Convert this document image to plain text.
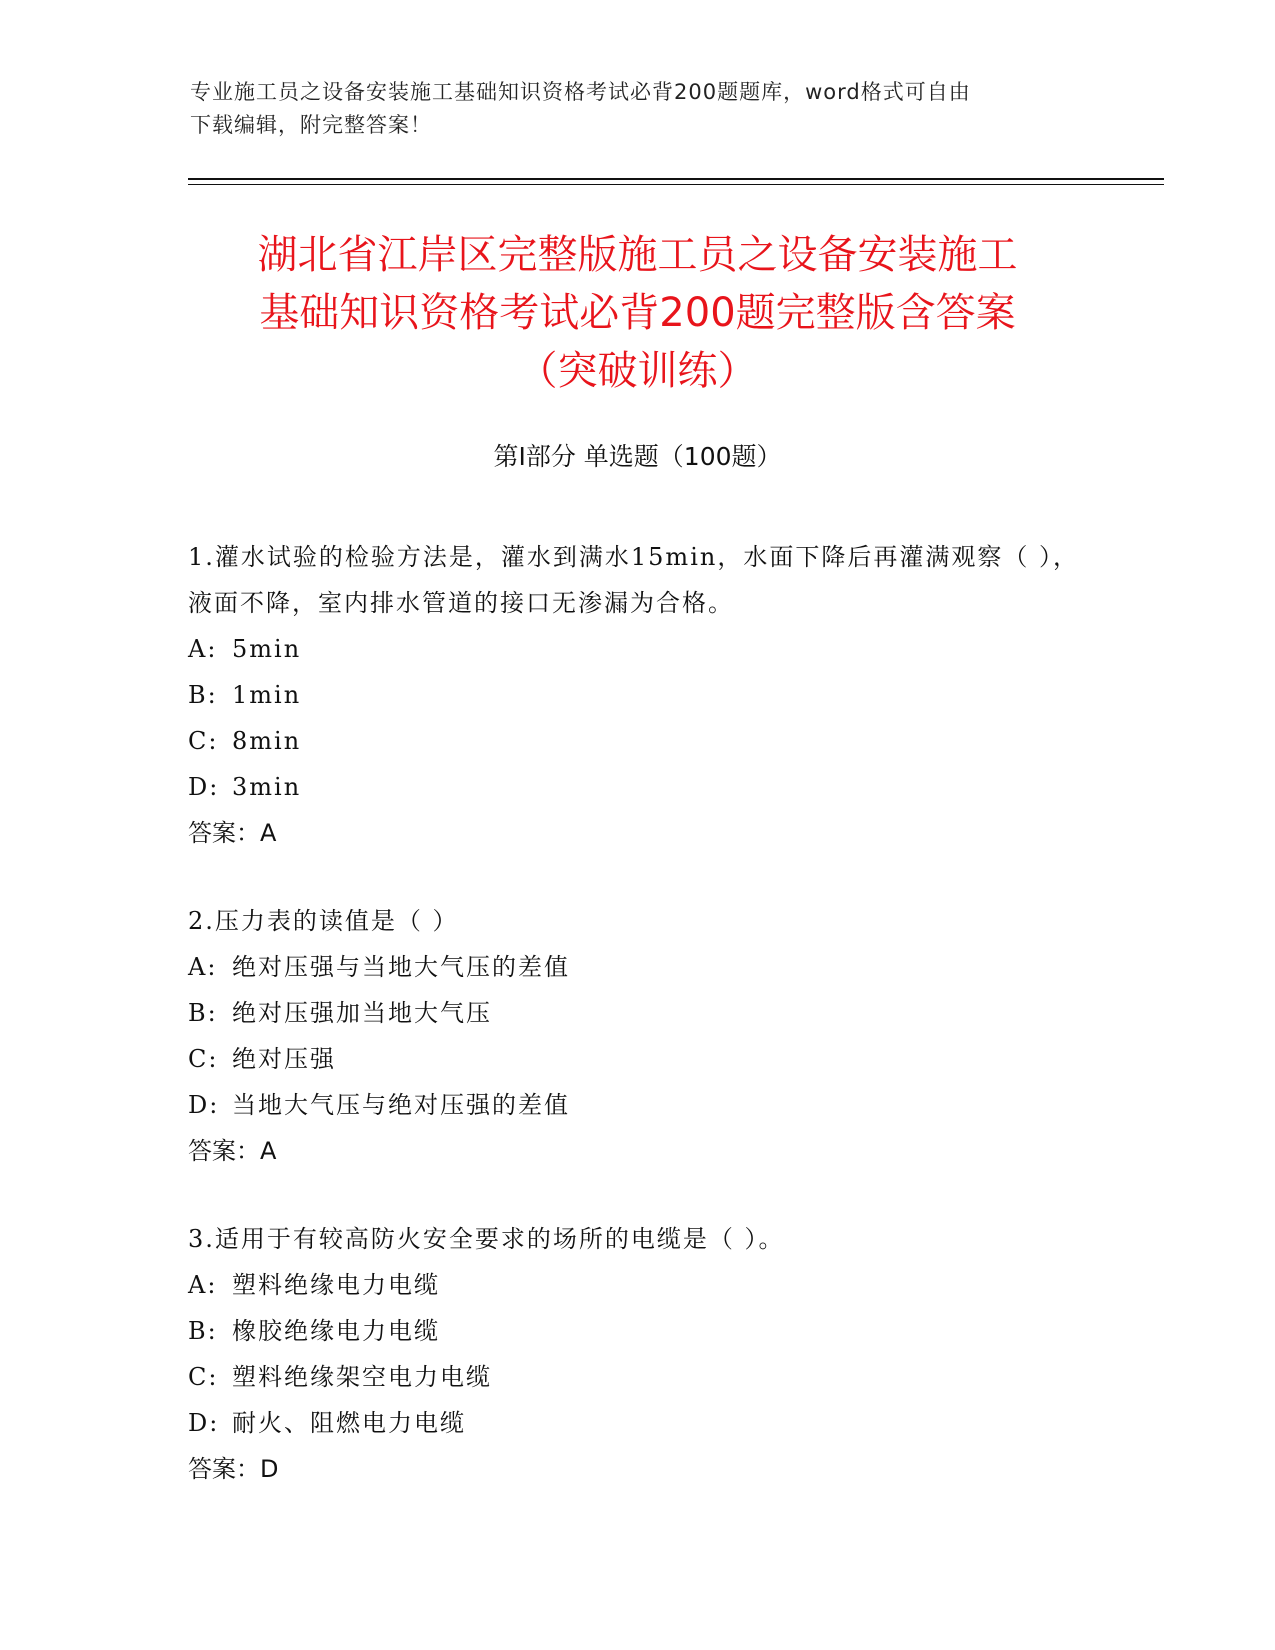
专业施工员之设备安装施工基础知识资格考试必背200题题库，word格式可自由
下载编辑，附完整答案！
湖北省江岸区完整版施工员之设备安装施工
基础知识资格考试必背200题完整版含答案
（突破训练）
第Ⅰ部分 单选题（100题）
1.灌水试验的检验方法是，灌水到满水15min，水面下降后再灌满观察（ ），液面不降，室内排水管道的接口无渗漏为合格。
A: 5min
B: 1min
C: 8min
D: 3min
答案：A
2.压力表的读值是（ ）
A: 绝对压强与当地大气压的差值
B: 绝对压强加当地大气压
C: 绝对压强
D: 当地大气压与绝对压强的差值
答案：A
3.适用于有较高防火安全要求的场所的电缆是（ ）。
A: 塑料绝缘电力电缆
B: 橡胶绝缘电力电缆
C: 塑料绝缘架空电力电缆
D: 耐火、阻燃电力电缆
答案：D
